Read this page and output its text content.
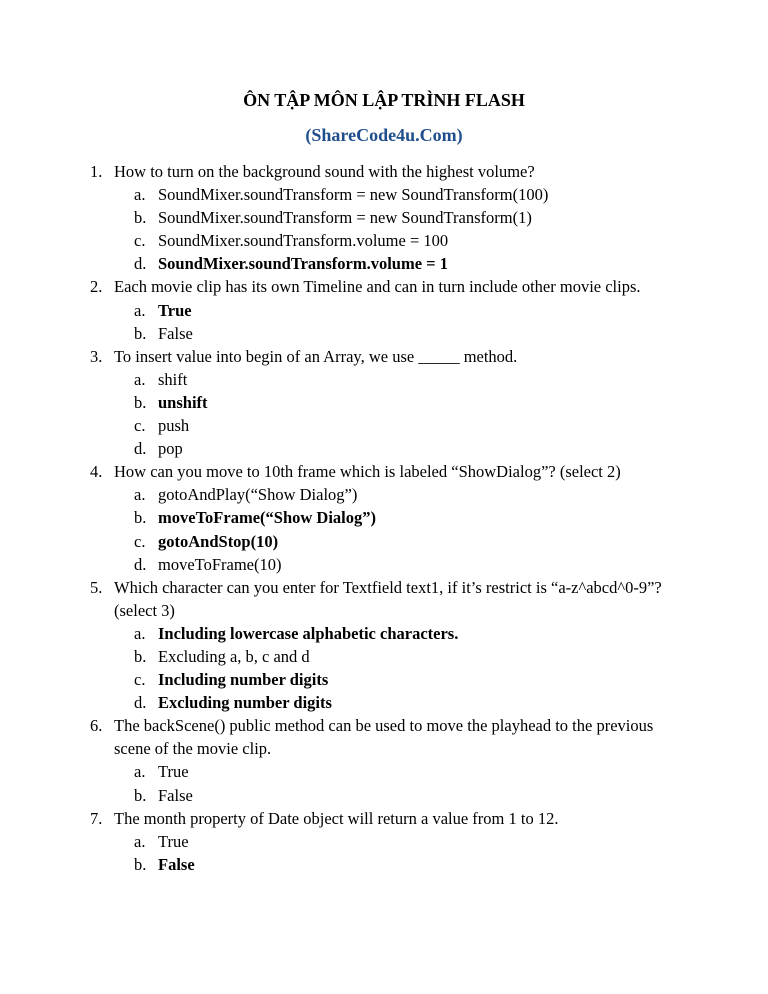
ÔN TẬP MÔN LẬP TRÌNH FLASH
(ShareCode4u.Com)
1. How to turn on the background sound with the highest volume?
a. SoundMixer.soundTransform = new SoundTransform(100)
b. SoundMixer.soundTransform = new SoundTransform(1)
c. SoundMixer.soundTransform.volume = 100
d. SoundMixer.soundTransform.volume = 1
2. Each movie clip has its own Timeline and can in turn include other movie clips.
a. True
b. False
3. To insert value into begin of an Array, we use _____ method.
a. shift
b. unshift
c. push
d. pop
4. How can you move to 10th frame which is labeled “ShowDialog”? (select 2)
a. gotoAndPlay(“Show Dialog”)
b. moveToFrame(“Show Dialog”)
c. gotoAndStop(10)
d. moveToFrame(10)
5. Which character can you enter for Textfield text1, if it’s restrict is “a-z^abcd^0-9”? (select 3)
a. Including lowercase alphabetic characters.
b. Excluding a, b, c and d
c. Including number digits
d. Excluding number digits
6. The backScene() public method can be used to move the playhead to the previous scene of the movie clip.
a. True
b. False
7. The month property of Date object will return a value from 1 to 12.
a. True
b. False
